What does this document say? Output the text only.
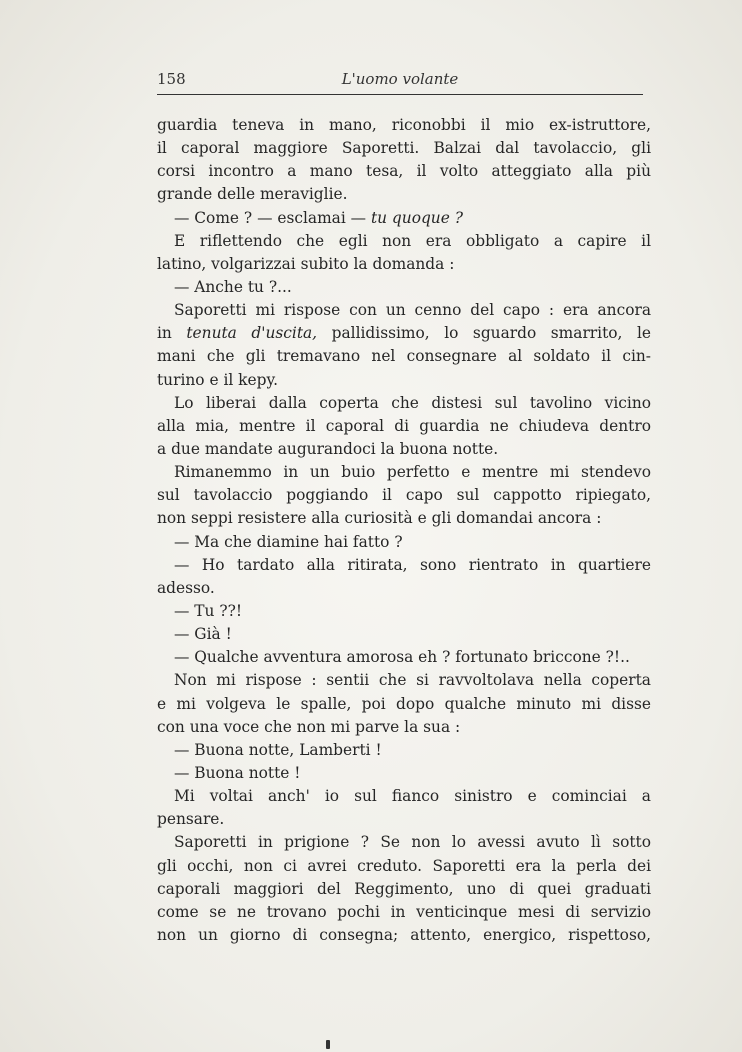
158	L'uomo volante
guardia teneva in mano, riconobbi il mio ex-istruttore,
il caporal maggiore Saporetti. Balzai dal tavolaccio, gli
corsi incontro a mano tesa, il volto atteggiato alla più
grande delle meraviglie.
— Come ? — esclamai — tu quoque ?
E riflettendo che egli non era obbligato a capire il
latino, volgarizzai subito la domanda :
— Anche tu ?...
Saporetti mi rispose con un cenno del capo : era ancora
in tenuta d'uscita, pallidissimo, lo sguardo smarrito, le
mani che gli tremavano nel consegnare al soldato il cin-
turino e il kepy.
Lo liberai dalla coperta che distesi sul tavolino vicino
alla mia, mentre il caporal di guardia ne chiudeva dentro
a due mandate augurandoci la buona notte.
Rimanemmo in un buio perfetto e mentre mi stendevo
sul tavolaccio poggiando il capo sul cappotto ripiegato,
non seppi resistere alla curiosità e gli domandai ancora :
— Ma che diamine hai fatto ?
— Ho tardato alla ritirata, sono rientrato in quartiere
adesso.
— Tu ??!
— Già !
— Qualche avventura amorosa eh ? fortunato briccone ?!..
Non mi rispose : sentii che si ravvoltolava nella coperta
e mi volgeva le spalle, poi dopo qualche minuto mi disse
con una voce che non mi parve la sua :
— Buona notte, Lamberti !
— Buona notte !
Mi voltai anch' io sul fianco sinistro e cominciai a
pensare.
Saporetti in prigione ? Se non lo avessi avuto lì sotto
gli occhi, non ci avrei creduto. Saporetti era la perla dei
caporali maggiori del Reggimento, uno di quei graduati
come se ne trovano pochi in venticinque mesi di servizio
non un giorno di consegna; attento, energico, rispettoso,
